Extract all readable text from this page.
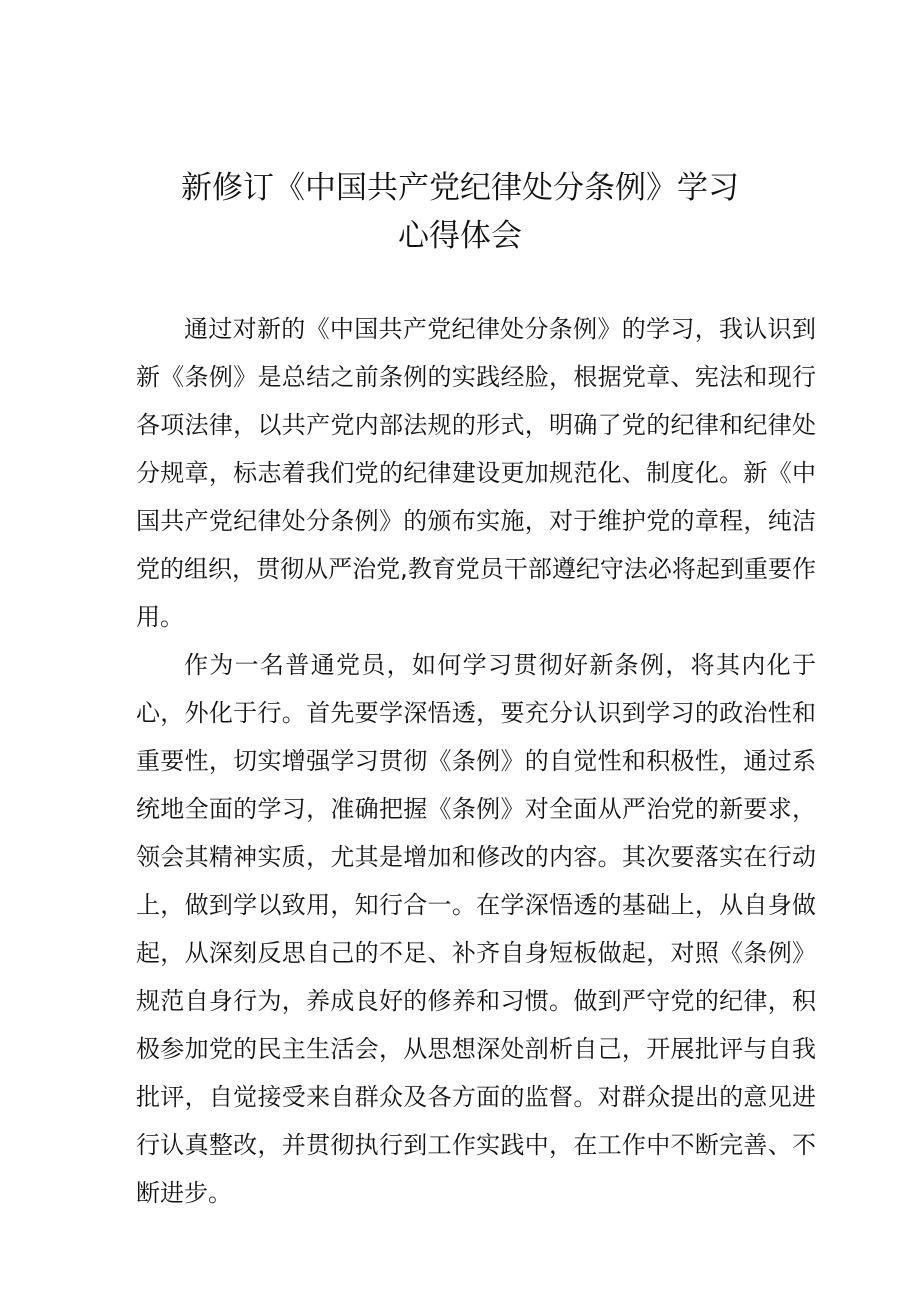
新修订《中国共产党纪律处分条例》学习
心得体会

通过对新的《中国共产党纪律处分条例》的学习，我认识到新《条例》是总结之前条例的实践经脸，根据党章、宪法和现行各项法律，以共产党内部法规的形式，明确了党的纪律和纪律处分规章，标志着我们党的纪律建设更加规范化、制度化。新《中国共产党纪律处分条例》的颁布实施，对于维护党的章程，纯洁党的组织，贯彻从严治党,教育党员干部遵纪守法必将起到重要作用。

作为一名普通党员，如何学习贯彻好新条例，将其内化于心，外化于行。首先要学深悟透，要充分认识到学习的政治性和重要性，切实增强学习贯彻《条例》的自觉性和积极性，通过系统地全面的学习，准确把握《条例》对全面从严治党的新要求，领会其精神实质，尤其是增加和修改的内容。其次要落实在行动上，做到学以致用，知行合一。在学深悟透的基础上，从自身做起，从深刻反思自己的不足、补齐自身短板做起，对照《条例》规范自身行为，养成良好的修养和习惯。做到严守党的纪律，积极参加党的民主生活会，从思想深处剖析自己，开展批评与自我批评，自觉接受来自群众及各方面的监督。对群众提出的意见进行认真整改，并贯彻执行到工作实践中，在工作中不断完善、不断进步。
